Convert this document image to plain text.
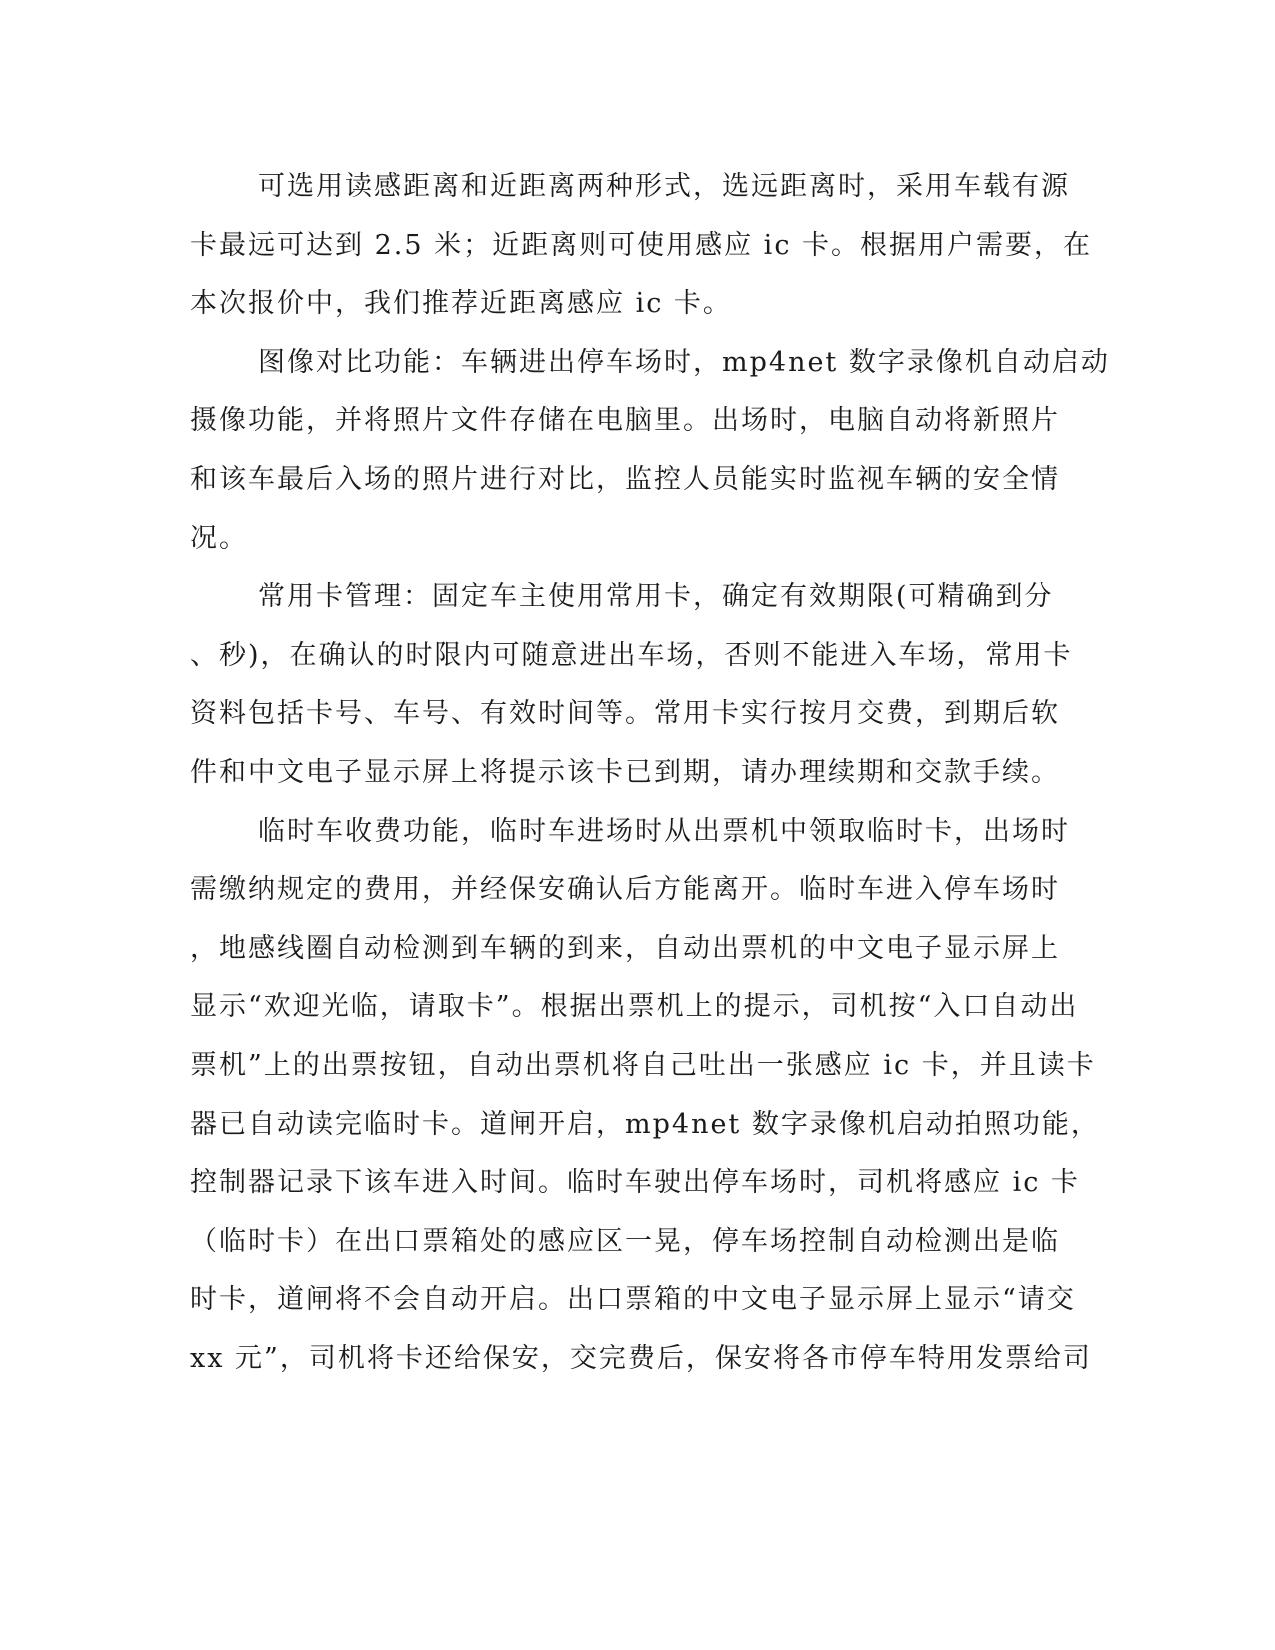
可选用读感距离和近距离两种形式，选远距离时，采用车载有源
卡最远可达到 2.5 米；近距离则可使用感应 ic 卡。根据用户需要，在
本次报价中，我们推荐近距离感应 ic 卡。
图像对比功能：车辆进出停车场时，mp4net 数字录像机自动启动
摄像功能，并将照片文件存储在电脑里。出场时，电脑自动将新照片
和该车最后入场的照片进行对比，监控人员能实时监视车辆的安全情
况。
常用卡管理：固定车主使用常用卡，确定有效期限(可精确到分
、秒)，在确认的时限内可随意进出车场，否则不能进入车场，常用卡
资料包括卡号、车号、有效时间等。常用卡实行按月交费，到期后软
件和中文电子显示屏上将提示该卡已到期，请办理续期和交款手续。
临时车收费功能，临时车进场时从出票机中领取临时卡，出场时
需缴纳规定的费用，并经保安确认后方能离开。临时车进入停车场时
，地感线圈自动检测到车辆的到来，自动出票机的中文电子显示屏上
显示“欢迎光临，请取卡”。根据出票机上的提示，司机按“入口自动出
票机”上的出票按钮，自动出票机将自己吐出一张感应 ic 卡，并且读卡
器已自动读完临时卡。道闸开启，mp4net 数字录像机启动拍照功能，
控制器记录下该车进入时间。临时车驶出停车场时，司机将感应 ic 卡
（临时卡）在出口票箱处的感应区一晃，停车场控制自动检测出是临
时卡，道闸将不会自动开启。出口票箱的中文电子显示屏上显示“请交
xx 元”，司机将卡还给保安，交完费后，保安将各市停车特用发票给司
